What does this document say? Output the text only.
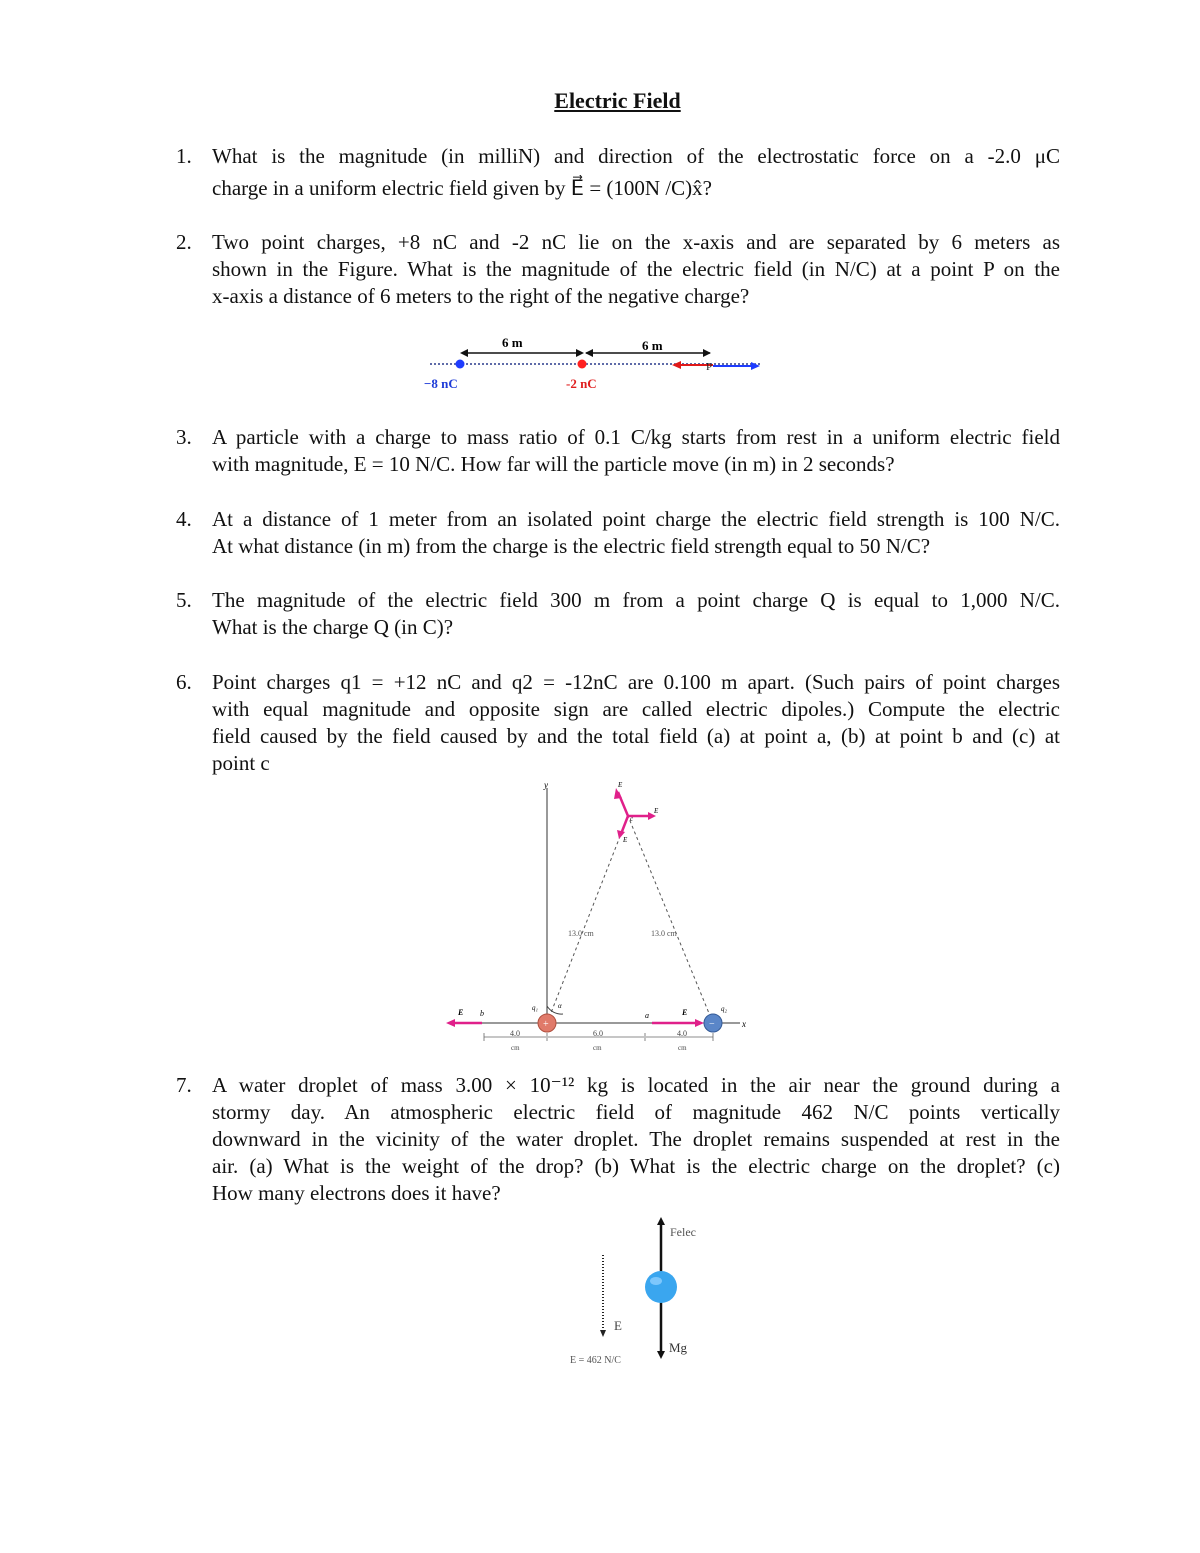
Electric Field
1. What is the magnitude (in milliN) and direction of the electrostatic force on a -2.0 μC
charge in a uniform electric field given by E⃗ = (100N /C)x̂?
2. Two point charges, +8 nC and -2 nC lie on the x-axis and are separated by 6 meters as
shown in the Figure. What is the magnitude of the electric field (in N/C) at a point P on the
x-axis a distance of 6 meters to the right of the negative charge?
6 m	6 m
−8 nC	-2 nC
P
3. A particle with a charge to mass ratio of 0.1 C/kg starts from rest in a uniform electric field
with magnitude, E = 10 N/C. How far will the particle move (in m) in 2 seconds?
4. At a distance of 1 meter from an isolated point charge the electric field strength is 100 N/C.
At what distance (in m) from the charge is the electric field strength equal to 50 N/C?
5. The magnitude of the electric field 300 m from a point charge Q is equal to 1,000 N/C.
What is the charge Q (in C)?
6. Point charges q1 = +12 nC and q2 = -12nC are 0.100 m apart. (Such pairs of point charges
with equal magnitude and opposite sign are called electric dipoles.) Compute the electric
field caused by the field caused by and the total field (a) at point a, (b) at point b and (c) at
point c
y
x
13.0 cm	13.0 cm
α
E
E
E
c
E b	E
a
+
q₁
−
q₂
4.0
cm
6.0
cm
4.0
cm
7. A water droplet of mass 3.00 × 10⁻¹² kg is located in the air near the ground during a
stormy day. An atmospheric electric field of magnitude 462 N/C points vertically
downward in the vicinity of the water droplet. The droplet remains suspended at rest in the
air. (a) What is the weight of the drop? (b) What is the electric charge on the droplet? (c)
How many electrons does it have?
E
Felec
Mg
E = 462 N/C
